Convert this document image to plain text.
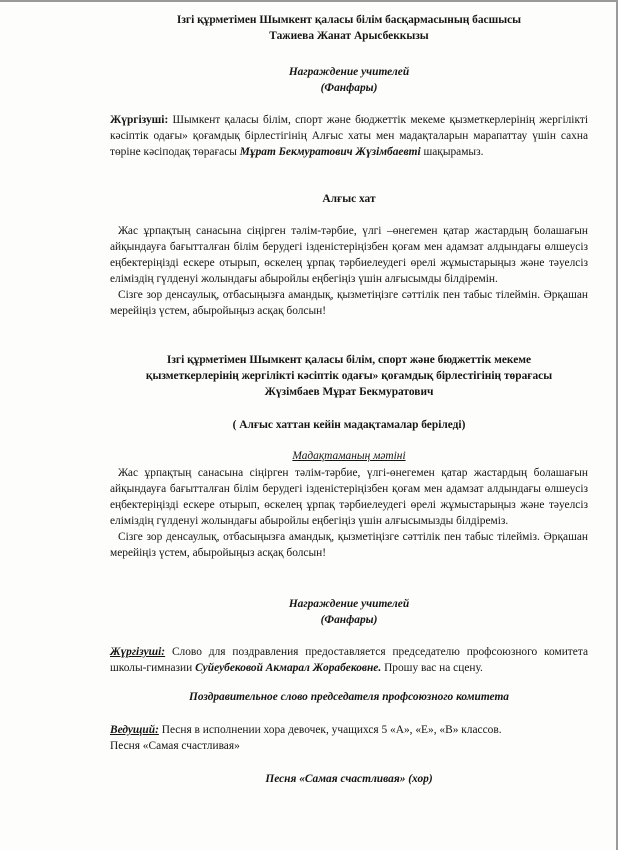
Ізгі құрметімен Шымкент қаласы білім басқармасының басшысы

Тажиева Жанат Арысбеккызы

Награждение учителей

(Фанфары)

Жүргізуші: Шымкент қаласы білім, спорт және бюджеттік мекеме қызметкерлерінің жергілікті кәсіптік одағы» қоғамдық бірлестігінің Алғыс хаты мен мадақталарын марапаттау үшін сахна төріне кәсіподақ төрағасы Мұрат Бекмуратович Жүзімбаевті шақырамыз.

Алғыс хат

Жас ұрпақтың санасына сіңірген тәлім-тәрбие, үлгі –өнегемен қатар жастардың болашағын айқындауға бағытталған білім берудегі ізденістеріңізбен қоғам мен адамзат алдындағы өлшеусіз еңбектеріңізді ескере отырып, өскелең ұрпақ тәрбиелеудегі өрелі жұмыстарыңыз және тәуелсіз еліміздің гүлденуі жолындағы абыройлы еңбегіңіз үшін алғысымды білдіремін.

Сізге зор денсаулық, отбасыңызға амандық, қызметіңізге сәттілік пен табыс тілеймін. Әрқашан мерейіңіз үстем, абыройыңыз асқақ болсын!

Ізгі құрметімен Шымкент қаласы білім, спорт және бюджеттік мекеме

қызметкерлерінің жергілікті кәсіптік одағы» қоғамдық бірлестігінің төрағасы

Жүзімбаев Мұрат Бекмуратович

( Алғыс хаттан кейін мадақтамалар беріледі)
Мадақтаманың мәтіні

Жас ұрпақтың санасына сіңірген тәлім-тәрбие, үлгі-өнегемен қатар жастардың болашағын айқындауға бағытталған білім берудегі ізденістеріңізбен қоғам мен адамзат алдындағы өлшеусіз еңбектеріңізді ескере отырып, өскелең ұрпақ тәрбиелеудегі өрелі жұмыстарыңыз және тәуелсіз еліміздің гүлденуі жолындағы абыройлы еңбегіңіз үшін алғысымызды білдіреміз.

Сізге зор денсаулық, отбасыңызға амандық, қызметіңізге сәттілік пен табыс тілейміз. Әрқашан мерейіңіз үстем, абыройыңыз асқақ болсын!

Награждение учителей

(Фанфары)

Жүргізуші: Слово для поздравления предоставляется председателю профсоюзного комитета школы-гимназии Суйеубековой Акмарал Жорабековне. Прошу вас на сцену.

Поздравительное слово председателя профсоюзного комитета

Ведущий: Песня в исполнении хора девочек, учащихся 5 «А», «Е», «В» классов.

Песня «Самая счастливая»

Песня «Самая счастливая» (хор)
